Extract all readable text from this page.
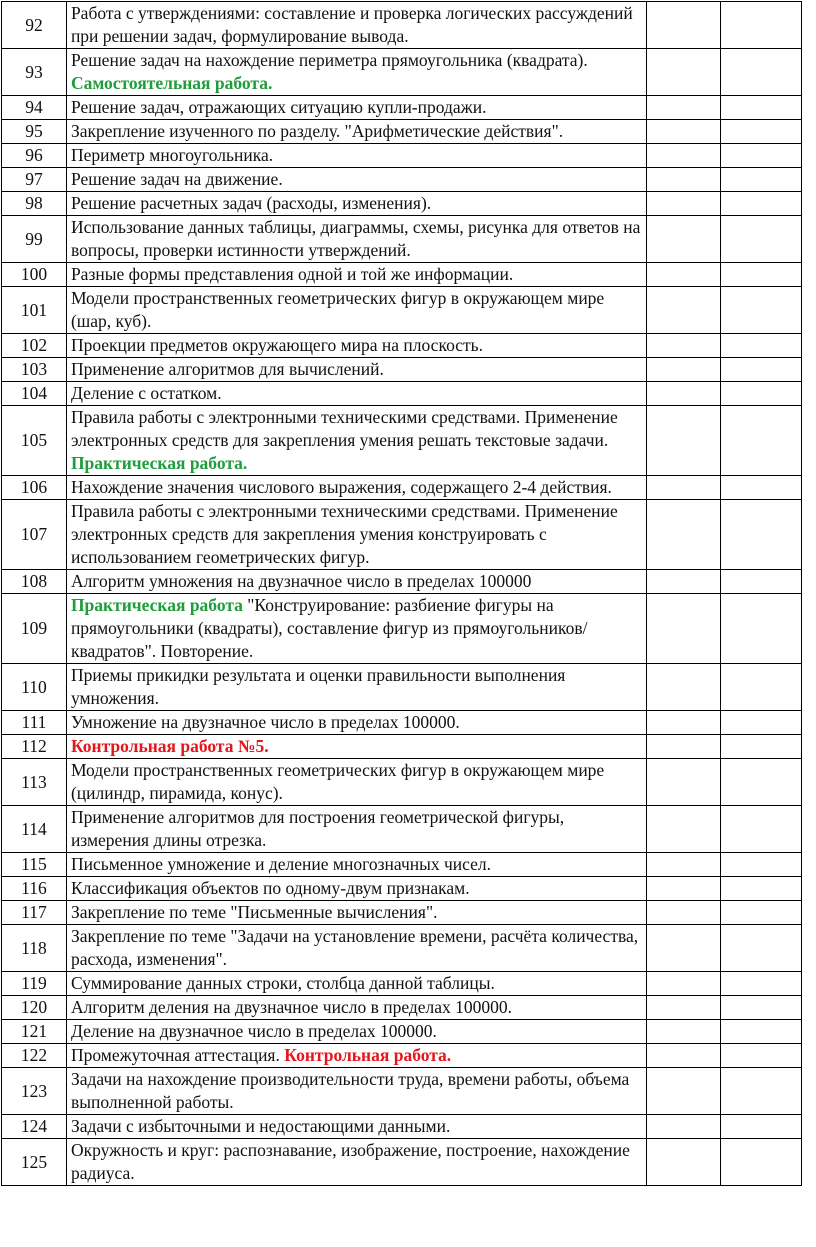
92	Работа с утверждениями: составление и проверка логических рассуждений при решении задач, формулирование вывода.		
93	Решение задач на нахождение периметра прямоугольника (квадрата). Самостоятельная работа.		
94	Решение задач, отражающих ситуацию купли-продажи.		
95	Закрепление изученного по разделу. "Арифметические действия".		
96	Периметр многоугольника.		
97	Решение задач на движение.		
98	Решение расчетных задач (расходы, изменения).		
99	Использование данных таблицы, диаграммы, схемы, рисунка для ответов на вопросы, проверки истинности утверждений.		
100	Разные формы представления одной и той же информации.		
101	Модели пространственных геометрических фигур в окружающем мире (шар, куб).		
102	Проекции предметов окружающего мира на плоскость.		
103	Применение алгоритмов для вычислений.		
104	Деление с остатком.		
105	Правила работы с электронными техническими средствами. Применение электронных средств для закрепления умения решать текстовые задачи. Практическая работа.		
106	Нахождение значения числового выражения, содержащего 2-4 действия.		
107	Правила работы с электронными техническими средствами. Применение электронных средств для закрепления умения конструировать с использованием геометрических фигур.		
108	Алгоритм умножения на двузначное число в пределах 100000		
109	Практическая работа "Конструирование: разбиение фигуры на прямоугольники (квадраты), составление фигур из прямоугольников/квадратов". Повторение.		
110	Приемы прикидки результата и оценки правильности выполнения умножения.		
111	Умножение на двузначное число в пределах 100000.		
112	Контрольная работа №5.		
113	Модели пространственных геометрических фигур в окружающем мире (цилиндр, пирамида, конус).		
114	Применение алгоритмов для построения геометрической фигуры, измерения длины отрезка.		
115	Письменное умножение и деление многозначных чисел.		
116	Классификация объектов по одному-двум признакам.		
117	Закрепление по теме "Письменные вычисления".		
118	Закрепление по теме "Задачи на установление времени, расчёта количества, расхода, изменения".		
119	Суммирование данных строки, столбца данной таблицы.		
120	Алгоритм деления на двузначное число в пределах 100000.		
121	Деление на двузначное число в пределах 100000.		
122	Промежуточная аттестация. Контрольная работа.		
123	Задачи на нахождение производительности труда, времени работы, объема выполненной работы.		
124	Задачи с избыточными и недостающими данными.		
125	Окружность и круг: распознавание, изображение, построение, нахождение радиуса.		
